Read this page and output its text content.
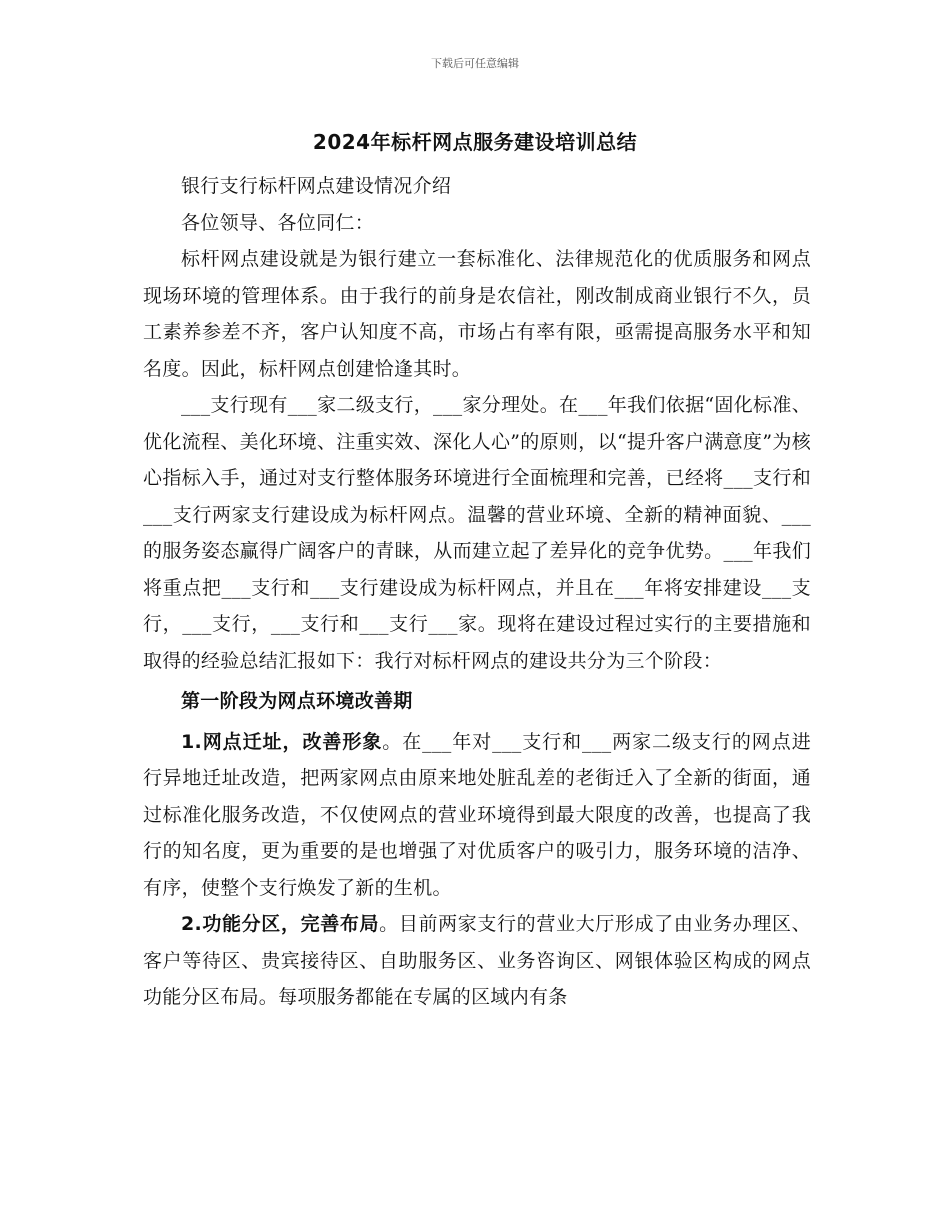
下载后可任意编辑
2024年标杆网点服务建设培训总结

银行支行标杆网点建设情况介绍

各位领导、各位同仁：

标杆网点建设就是为银行建立一套标准化、法律规范化的优质服务和网点现场环境的管理体系。由于我行的前身是农信社，刚改制成商业银行不久，员工素养参差不齐，客户认知度不高，市场占有率有限，亟需提高服务水平和知名度。因此，标杆网点创建恰逢其时。

___支行现有___家二级支行，___家分理处。在___年我们依据“固化标准、优化流程、美化环境、注重实效、深化人心”的原则，以“提升客户满意度”为核心指标入手，通过对支行整体服务环境进行全面梳理和完善，已经将___支行和___支行两家支行建设成为标杆网点。温馨的营业环境、全新的精神面貌、___的服务姿态赢得广阔客户的青睐，从而建立起了差异化的竞争优势。___年我们将重点把___支行和___支行建设成为标杆网点，并且在___年将安排建设___支行，___支行，___支行和___支行___家。现将在建设过程过实行的主要措施和取得的经验总结汇报如下：我行对标杆网点的建设共分为三个阶段：

第一阶段为网点环境改善期

1.网点迁址，改善形象。在___年对___支行和___两家二级支行的网点进行异地迁址改造，把两家网点由原来地处脏乱差的老街迁入了全新的街面，通过标准化服务改造，不仅使网点的营业环境得到最大限度的改善，也提高了我行的知名度，更为重要的是也增强了对优质客户的吸引力，服务环境的洁净、有序，使整个支行焕发了新的生机。

2.功能分区，完善布局。目前两家支行的营业大厅形成了由业务办理区、客户等待区、贵宾接待区、自助服务区、业务咨询区、网银体验区构成的网点功能分区布局。每项服务都能在专属的区域内有条
